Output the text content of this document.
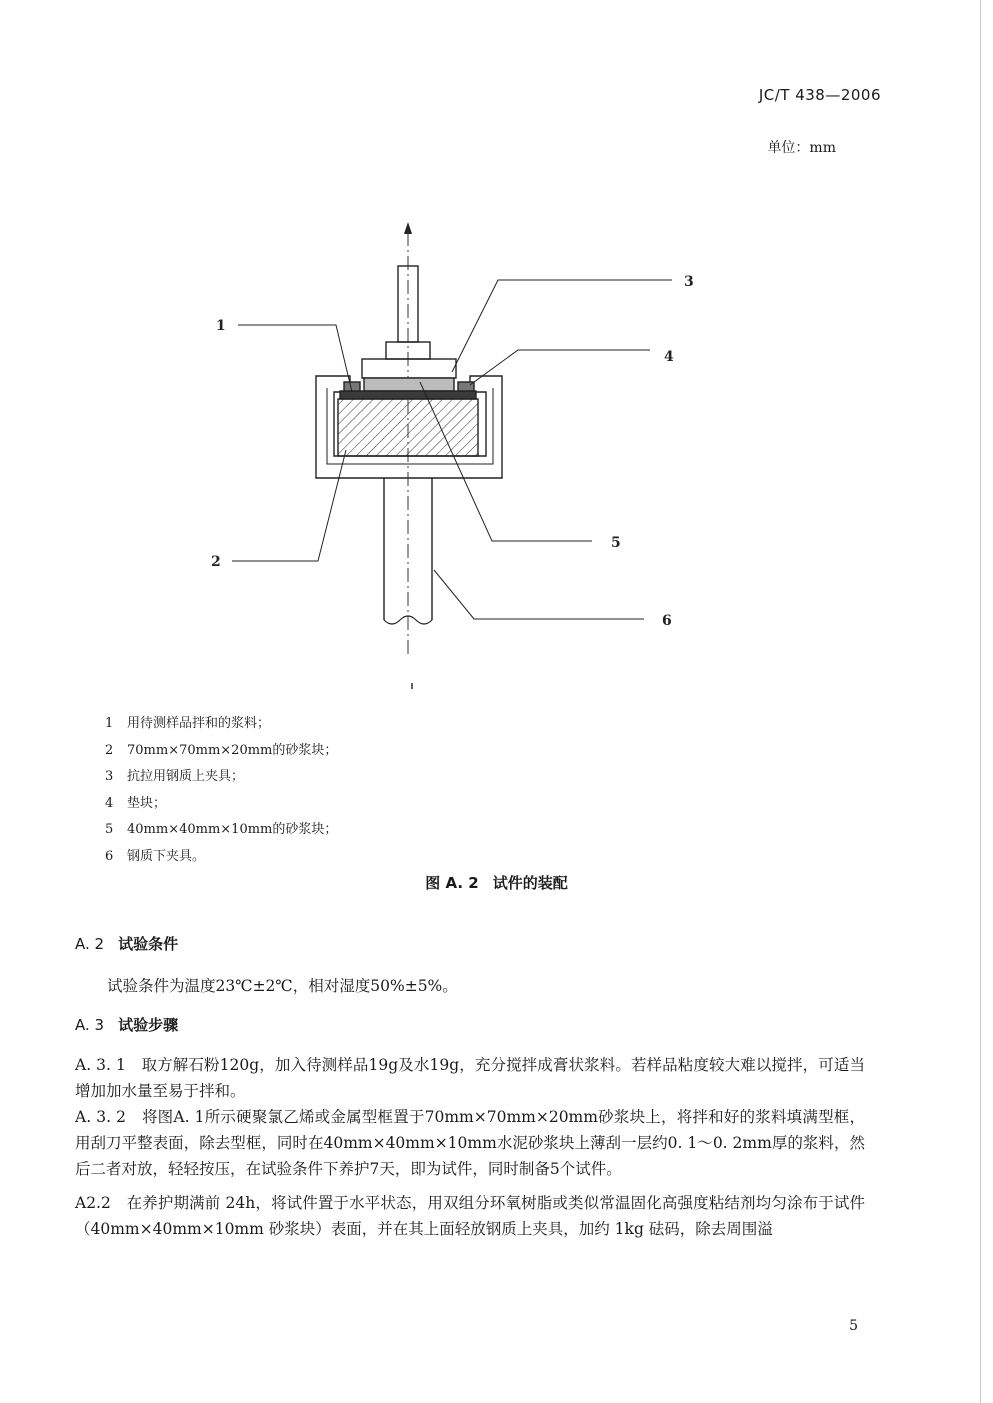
JC/T 438—2006
单位：mm
1
2
3
4
5
6
1	用待测样品拌和的浆料；
2	70mm×70mm×20mm的砂浆块；
3	抗拉用钢质上夹具；
4	垫块；
5	40mm×40mm×10mm的砂浆块；
6	钢质下夹具。
图 A. 2 试件的装配
A. 2 试验条件
试验条件为温度23℃±2℃，相对湿度50%±5%。
A. 3 试验步骤
A. 3. 1　取方解石粉120g，加入待测样品19g及水19g，充分搅拌成膏状浆料。若样品粘度较大难以搅拌，可适当增加加水量至易于拌和。
A. 3. 2　将图A. 1所示硬聚氯乙烯或金属型框置于70mm×70mm×20mm砂浆块上，将拌和好的浆料填满型框，用刮刀平整表面，除去型框，同时在40mm×40mm×10mm水泥砂浆块上薄刮一层约0. 1～0. 2mm厚的浆料，然后二者对放，轻轻按压，在试验条件下养护7天，即为试件，同时制备5个试件。
A2.2　在养护期满前 24h，将试件置于水平状态，用双组分环氧树脂或类似常温固化高强度粘结剂均匀涂布于试件（40mm×40mm×10mm 砂浆块）表面，并在其上面轻放钢质上夹具，加约 1kg 砝码，除去周围溢
5
